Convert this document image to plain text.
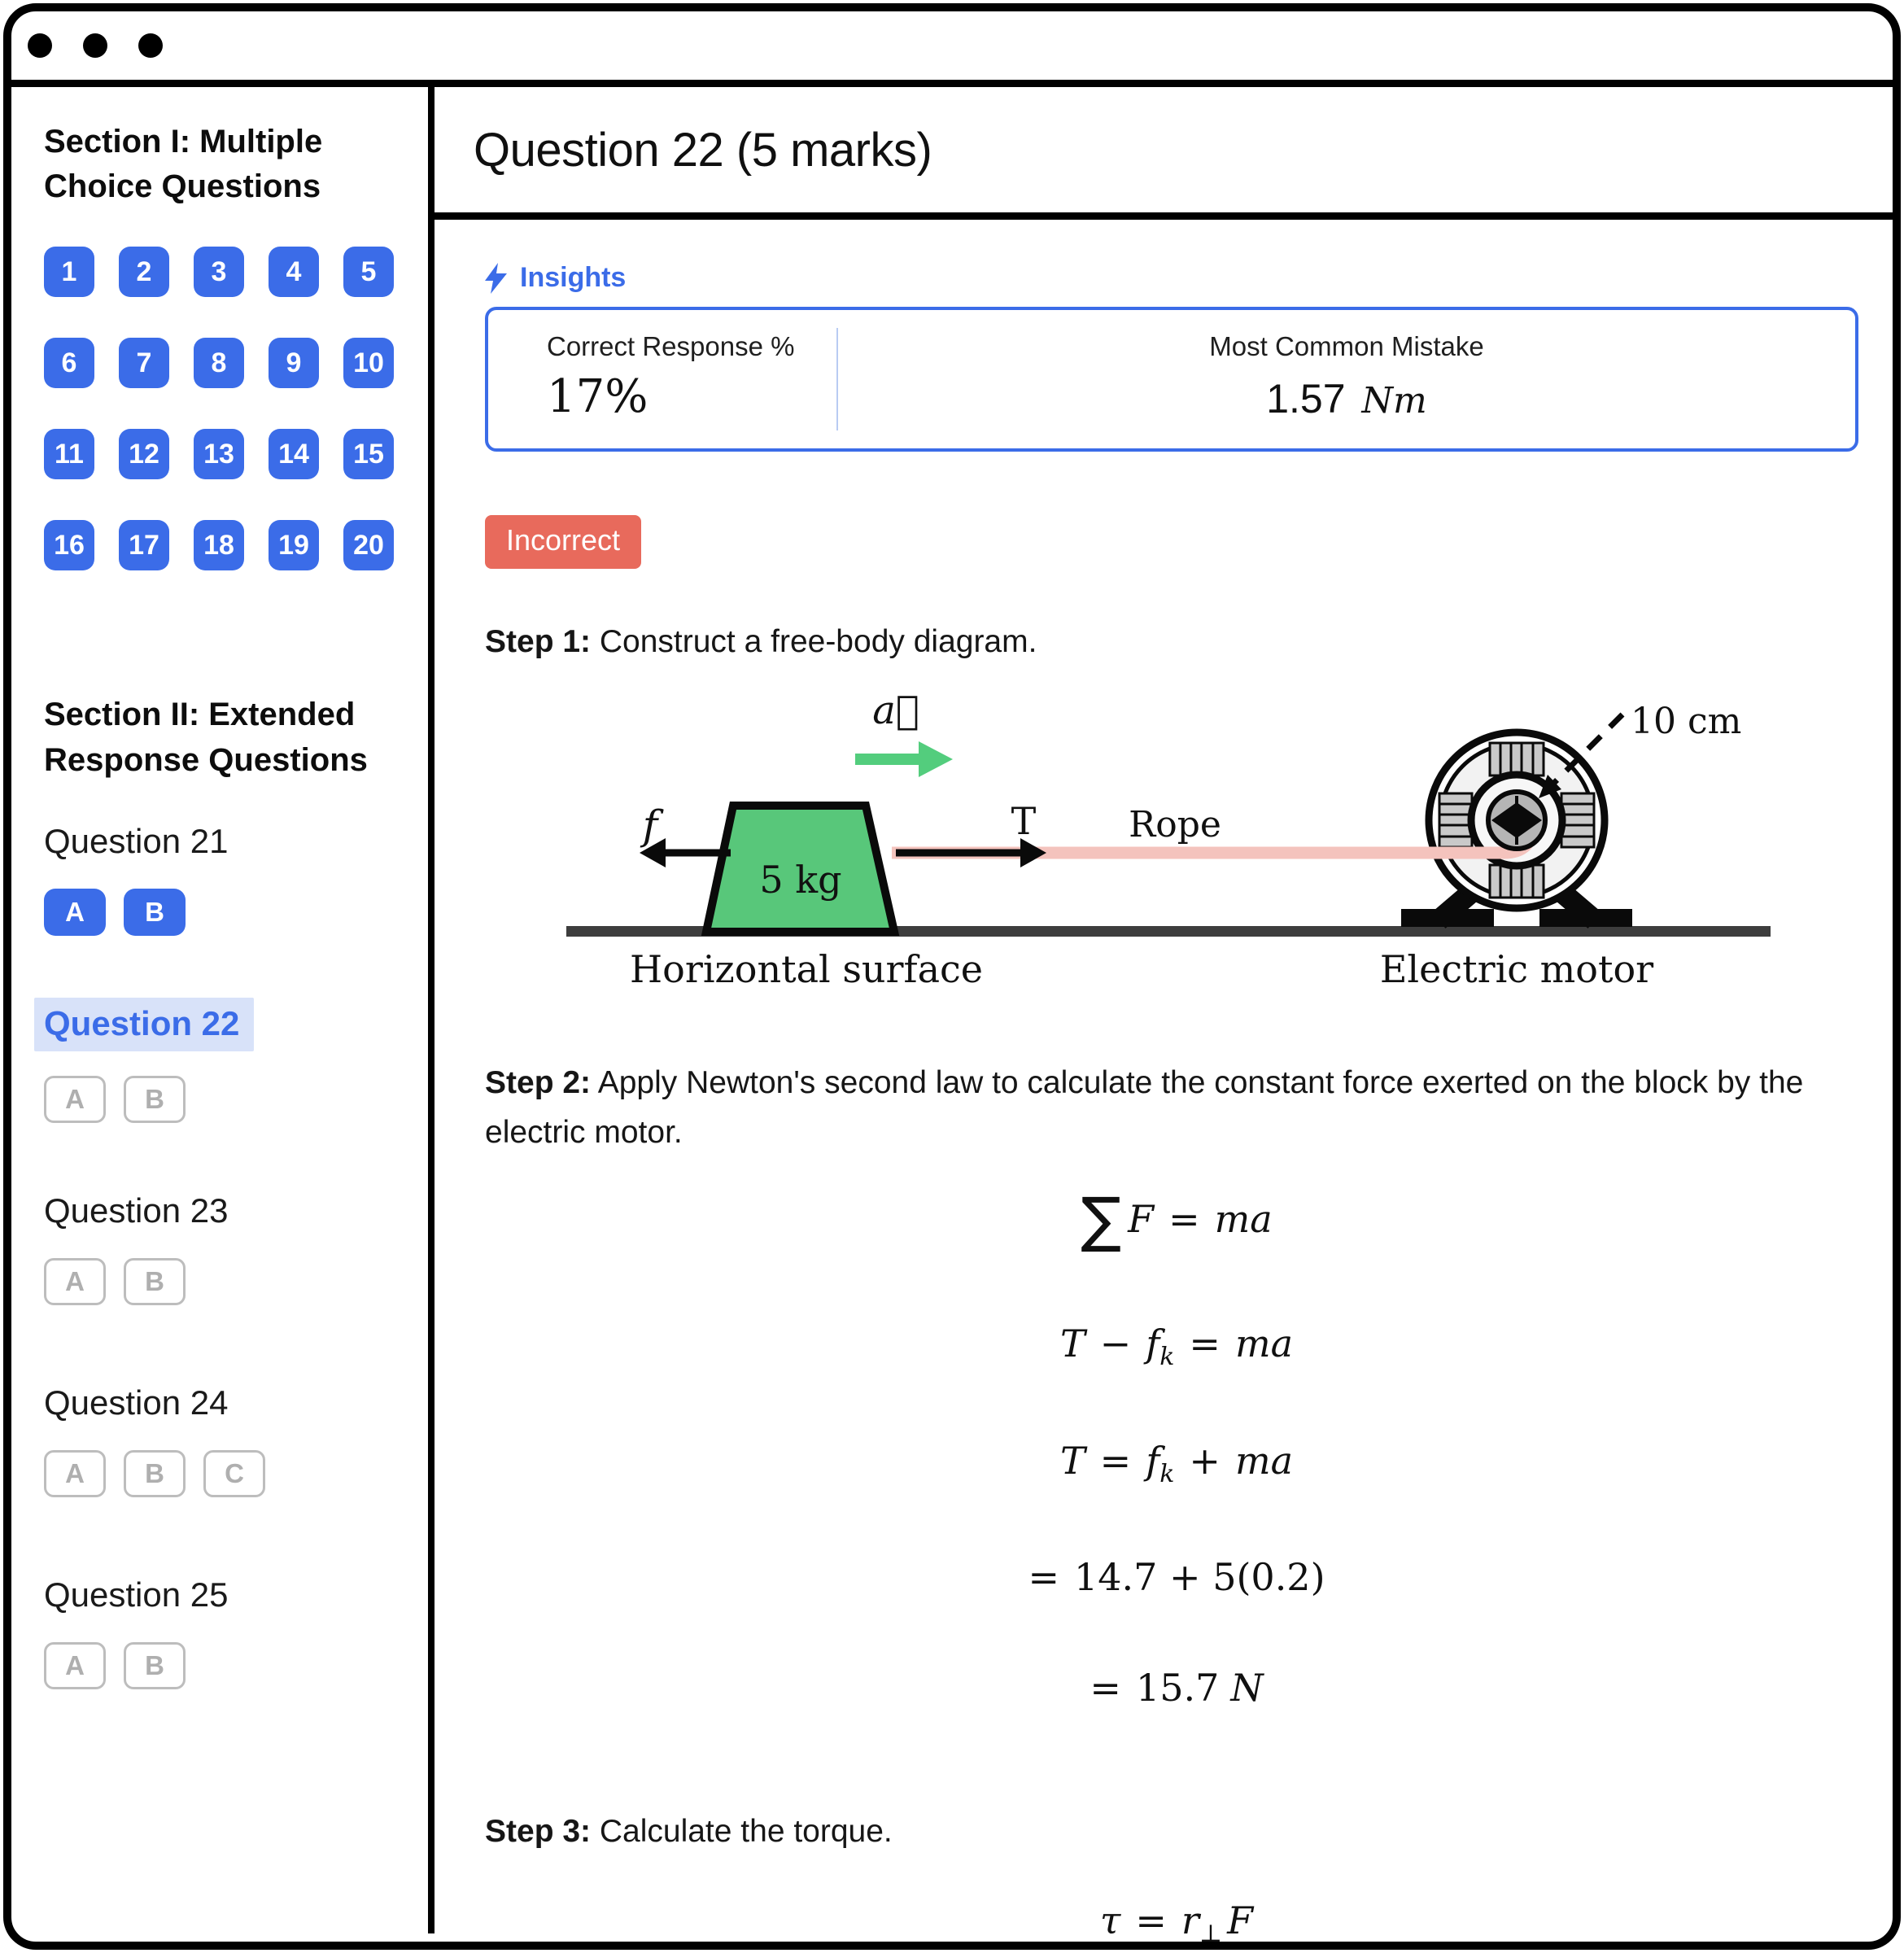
Section I: Multiple Choice Questions
1	2	3	4	5
6	7	8	9	10
11	12	13	14	15
16	17	18	19	20
Section II: Extended Response Questions
Question 21
A	B
Question 22
A	B
Question 23
A	B
Question 24
A	B	C
Question 25
A	B
Question 22 (5 marks)
Insights
Correct Response %
17%
Most Common Mistake
1.57 Nm
Incorrect
Step 1: Construct a free-body diagram.
10 cm
5 kg
f	T
a⃗
Rope
Horizontal surface	Electric motor
Step 2: Apply Newton's second law to calculate the constant force exerted on the block by the electric motor.
∑ F = ma
$T - f_k$ = ma
$T = f_k$ + ma
= 14.7 + 5(0.2)
= 15.7 N
Step 3: Calculate the torque.
$\tau = r_\perp$ F
